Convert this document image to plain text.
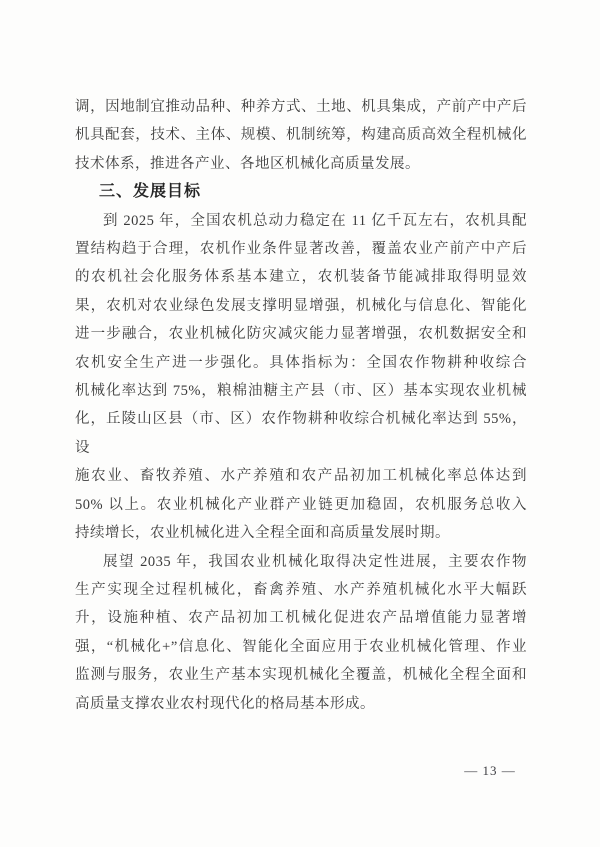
调，因地制宜推动品种、种养方式、土地、机具集成，产前产中产后
机具配套，技术、主体、规模、机制统筹，构建高质高效全程机械化
技术体系，推进各产业、各地区机械化高质量发展。

三、发展目标

到 2025 年，全国农机总动力稳定在 11 亿千瓦左右，农机具配
置结构趋于合理，农机作业条件显著改善，覆盖农业产前产中产后
的农机社会化服务体系基本建立，农机装备节能减排取得明显效
果，农机对农业绿色发展支撑明显增强，机械化与信息化、智能化
进一步融合，农业机械化防灾减灾能力显著增强，农机数据安全和
农机安全生产进一步强化。具体指标为：全国农作物耕种收综合
机械化率达到 75%，粮棉油糖主产县（市、区）基本实现农业机械
化，丘陵山区县（市、区）农作物耕种收综合机械化率达到 55%，设
施农业、畜牧养殖、水产养殖和农产品初加工机械化率总体达到
50% 以上。农业机械化产业群产业链更加稳固，农机服务总收入
持续增长，农业机械化进入全程全面和高质量发展时期。

展望 2035 年，我国农业机械化取得决定性进展，主要农作物
生产实现全过程机械化，畜禽养殖、水产养殖机械化水平大幅跃
升，设施种植、农产品初加工机械化促进农产品增值能力显著增
强，“机械化+”信息化、智能化全面应用于农业机械化管理、作业
监测与服务，农业生产基本实现机械化全覆盖，机械化全程全面和
高质量支撑农业农村现代化的格局基本形成。

— 13 —
